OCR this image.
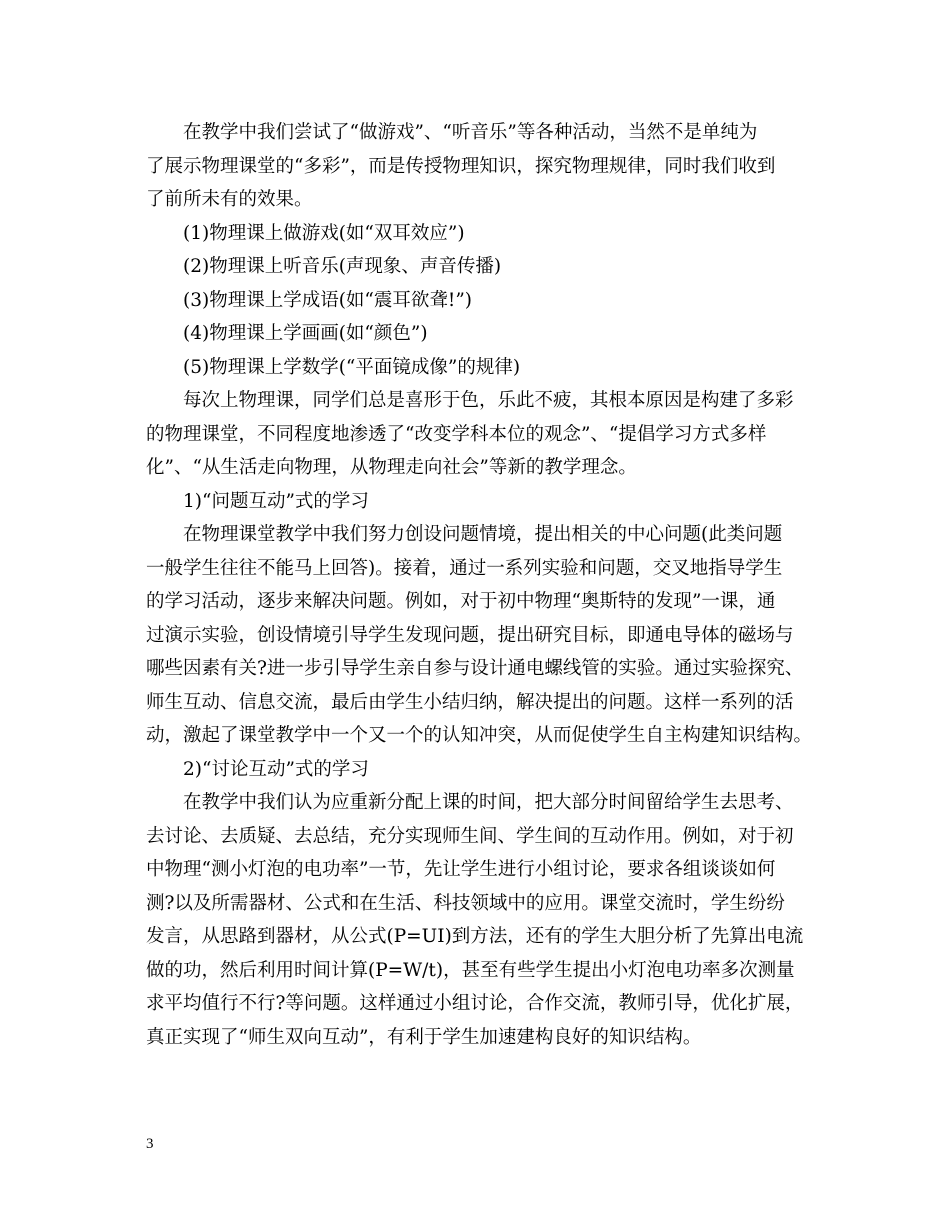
在教学中我们尝试了“做游戏”、“听音乐”等各种活动，当然不是单纯为
了展示物理课堂的“多彩”，而是传授物理知识，探究物理规律，同时我们收到
了前所未有的效果。
(1)物理课上做游戏(如“双耳效应”)
(2)物理课上听音乐(声现象、声音传播)
(3)物理课上学成语(如“震耳欲聋!”)
(4)物理课上学画画(如“颜色”)
(5)物理课上学数学(“平面镜成像”的规律)
每次上物理课，同学们总是喜形于色，乐此不疲，其根本原因是构建了多彩
的物理课堂，不同程度地渗透了“改变学科本位的观念”、“提倡学习方式多样
化”、“从生活走向物理，从物理走向社会”等新的教学理念。
1)“问题互动”式的学习
在物理课堂教学中我们努力创设问题情境，提出相关的中心问题(此类问题
一般学生往往不能马上回答)。接着，通过一系列实验和问题，交叉地指导学生
的学习活动，逐步来解决问题。例如，对于初中物理“奥斯特的发现”一课，通
过演示实验，创设情境引导学生发现问题，提出研究目标，即通电导体的磁场与
哪些因素有关?进一步引导学生亲自参与设计通电螺线管的实验。通过实验探究、
师生互动、信息交流，最后由学生小结归纳，解决提出的问题。这样一系列的活
动，激起了课堂教学中一个又一个的认知冲突，从而促使学生自主构建知识结构。
2)“讨论互动”式的学习
在教学中我们认为应重新分配上课的时间，把大部分时间留给学生去思考、
去讨论、去质疑、去总结，充分实现师生间、学生间的互动作用。例如，对于初
中物理“测小灯泡的电功率”一节，先让学生进行小组讨论，要求各组谈谈如何
测?以及所需器材、公式和在生活、科技领域中的应用。课堂交流时，学生纷纷
发言，从思路到器材，从公式(P=UI)到方法，还有的学生大胆分析了先算出电流
做的功，然后利用时间计算(P=W/t)，甚至有些学生提出小灯泡电功率多次测量
求平均值行不行?等问题。这样通过小组讨论，合作交流，教师引导，优化扩展，
真正实现了“师生双向互动”，有利于学生加速建构良好的知识结构。
3
